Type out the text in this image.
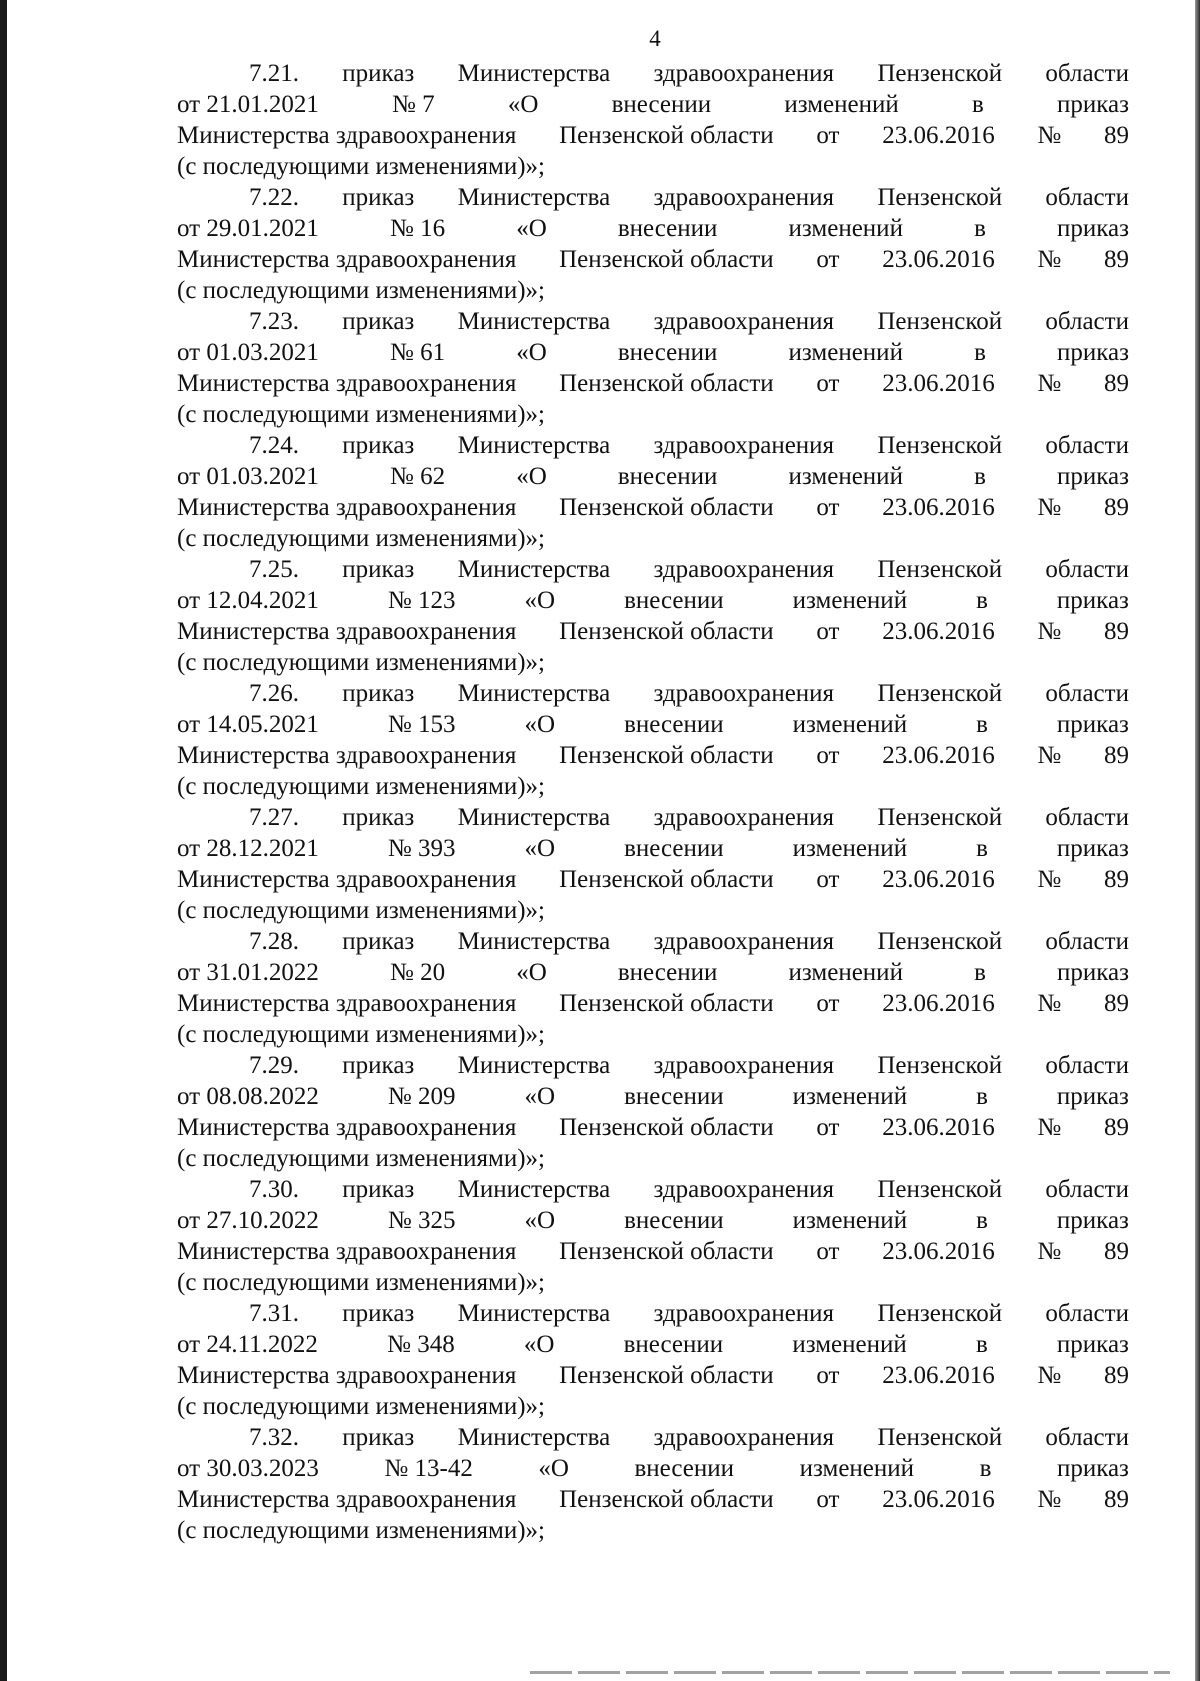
4

7.21. приказ Министерства здравоохранения Пензенской области
от 21.01.2021	№ 7	«О	внесении	изменений	в	приказ
Министерства здравоохранения Пензенской области от 23.06.2016 № 89
(с последующими изменениями)»;
7.22. приказ Министерства здравоохранения Пензенской области
от 29.01.2021	№ 16	«О	внесении	изменений	в	приказ
Министерства здравоохранения Пензенской области от 23.06.2016 № 89
(с последующими изменениями)»;
7.23. приказ Министерства здравоохранения Пензенской области
от 01.03.2021	№ 61	«О	внесении	изменений	в	приказ
Министерства здравоохранения Пензенской области от 23.06.2016 № 89
(с последующими изменениями)»;
7.24. приказ Министерства здравоохранения Пензенской области
от 01.03.2021	№ 62	«О	внесении	изменений	в	приказ
Министерства здравоохранения Пензенской области от 23.06.2016 № 89
(с последующими изменениями)»;
7.25. приказ Министерства здравоохранения Пензенской области
от 12.04.2021	№ 123	«О	внесении	изменений	в	приказ
Министерства здравоохранения Пензенской области от 23.06.2016 № 89
(с последующими изменениями)»;
7.26. приказ Министерства здравоохранения Пензенской области
от 14.05.2021	№ 153	«О	внесении	изменений	в	приказ
Министерства здравоохранения Пензенской области от 23.06.2016 № 89
(с последующими изменениями)»;
7.27. приказ Министерства здравоохранения Пензенской области
от 28.12.2021	№ 393	«О	внесении	изменений	в	приказ
Министерства здравоохранения Пензенской области от 23.06.2016 № 89
(с последующими изменениями)»;
7.28. приказ Министерства здравоохранения Пензенской области
от 31.01.2022	№ 20	«О	внесении	изменений	в	приказ
Министерства здравоохранения Пензенской области от 23.06.2016 № 89
(с последующими изменениями)»;
7.29. приказ Министерства здравоохранения Пензенской области
от 08.08.2022	№ 209	«О	внесении	изменений	в	приказ
Министерства здравоохранения Пензенской области от 23.06.2016 № 89
(с последующими изменениями)»;
7.30. приказ Министерства здравоохранения Пензенской области
от 27.10.2022	№ 325	«О	внесении	изменений	в	приказ
Министерства здравоохранения Пензенской области от 23.06.2016 № 89
(с последующими изменениями)»;
7.31. приказ Министерства здравоохранения Пензенской области
от 24.11.2022	№ 348	«О	внесении	изменений	в	приказ
Министерства здравоохранения Пензенской области от 23.06.2016 № 89
(с последующими изменениями)»;
7.32. приказ Министерства здравоохранения Пензенской области
от 30.03.2023	№ 13-42	«О	внесении	изменений	в	приказ
Министерства здравоохранения Пензенской области от 23.06.2016 № 89
(с последующими изменениями)»;
